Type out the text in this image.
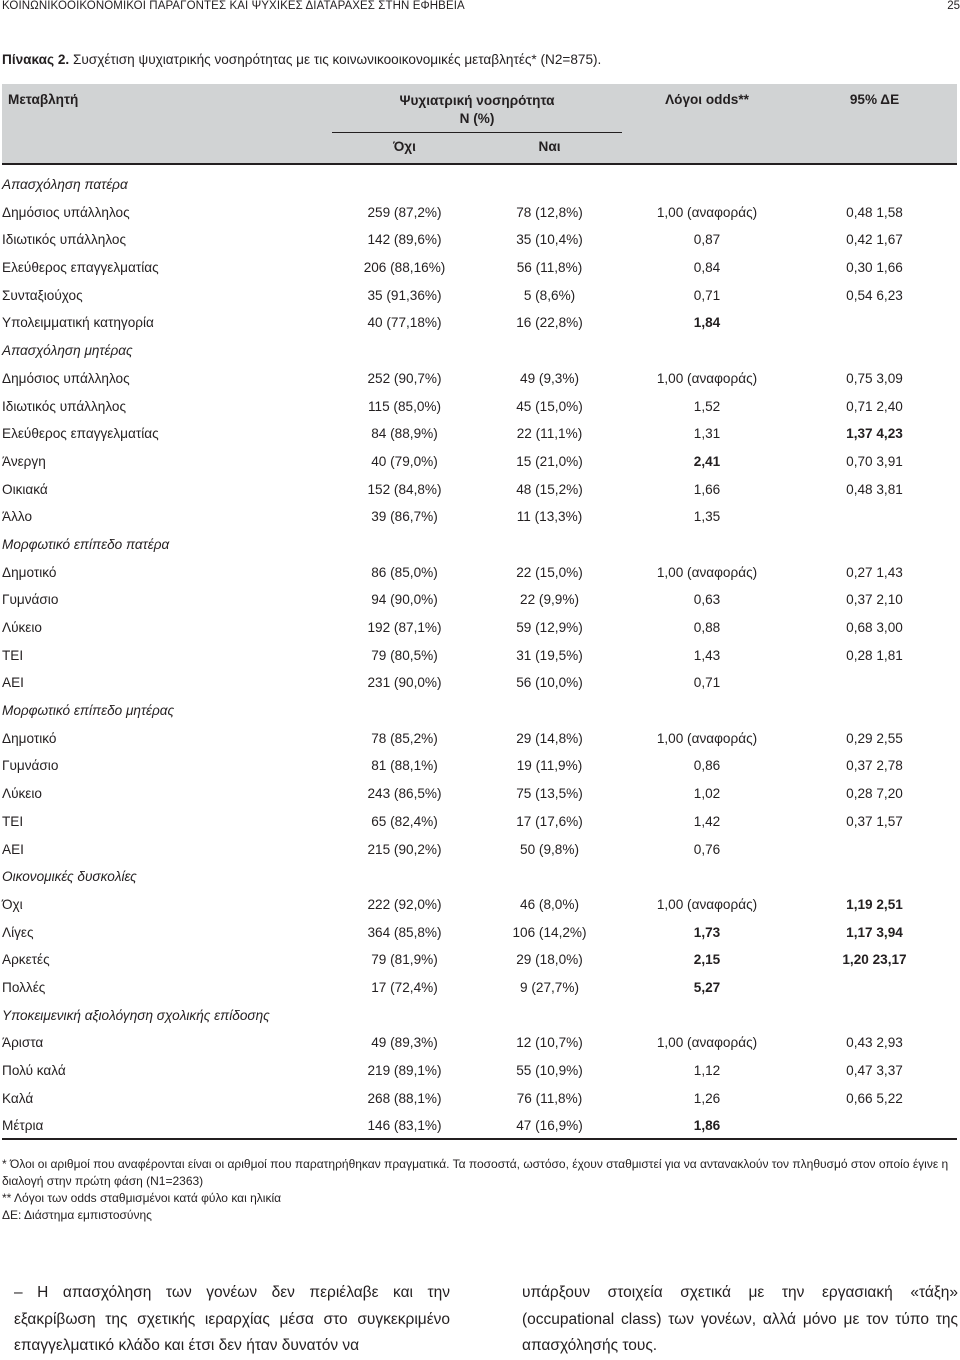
ΚΟΙΝΩΝΙΚΟΟΙΚΟΝΟΜΙΚΟΙ ΠΑΡΑΓΟΝΤΕΣ ΚΑΙ ΨΥΧΙΚΕΣ ΔΙΑΤΑΡΑΧΕΣ ΣΤΗΝ ΕΦΗΒΕΙΑ	25
Πίνακας 2. Συσχέτιση ψυχιατρικής νοσηρότητας με τις κοινωνικοοικονομικές μεταβλητές* (N2=875).
Μεταβλητή	Ψυχιατρική νοσηρότητα
N (%)
Λόγοι odds**	95% ΔΕ
Όχι	Ναι
Απασχόληση πατέρα
Δημόσιος υπάλληλος	259 (87,2%)	78 (12,8%)	1,00 (αναφοράς)	0,48 1,58
Ιδιωτικός υπάλληλος	142 (89,6%)	35 (10,4%)	0,87	0,42 1,67
Ελεύθερος επαγγελματίας	206 (88,16%)	56 (11,8%)	0,84	0,30 1,66
Συνταξιούχος	35 (91,36%)	5 (8,6%)	0,71	0,54 6,23
Υπολειμματική κατηγορία	40 (77,18%)	16 (22,8%)	1,84
Απασχόληση μητέρας
Δημόσιος υπάλληλος	252 (90,7%)	49 (9,3%)	1,00 (αναφοράς)	0,75 3,09
Ιδιωτικός υπάλληλος	115 (85,0%)	45 (15,0%)	1,52	0,71 2,40
Ελεύθερος επαγγελματίας	84 (88,9%)	22 (11,1%)	1,31	1,37 4,23
Άνεργη	40 (79,0%)	15 (21,0%)	2,41	0,70 3,91
Οικιακά	152 (84,8%)	48 (15,2%)	1,66	0,48 3,81
Άλλο	39 (86,7%)	11 (13,3%)	1,35
Μορφωτικό επίπεδο πατέρα
Δημοτικό	86 (85,0%)	22 (15,0%)	1,00 (αναφοράς)	0,27 1,43
Γυμνάσιο	94 (90,0%)	22 (9,9%)	0,63	0,37 2,10
Λύκειο	192 (87,1%)	59 (12,9%)	0,88	0,68 3,00
ΤΕΙ	79 (80,5%)	31 (19,5%)	1,43	0,28 1,81
ΑΕΙ	231 (90,0%)	56 (10,0%)	0,71
Μορφωτικό επίπεδο μητέρας
Δημοτικό	78 (85,2%)	29 (14,8%)	1,00 (αναφοράς)	0,29 2,55
Γυμνάσιο	81 (88,1%)	19 (11,9%)	0,86	0,37 2,78
Λύκειο	243 (86,5%)	75 (13,5%)	1,02	0,28 7,20
ΤΕΙ	65 (82,4%)	17 (17,6%)	1,42	0,37 1,57
ΑΕΙ	215 (90,2%)	50 (9,8%)	0,76
Οικονομικές δυσκολίες
Όχι	222 (92,0%)	46 (8,0%)	1,00 (αναφοράς)	1,19 2,51
Λίγες	364 (85,8%)	106 (14,2%)	1,73	1,17 3,94
Αρκετές	79 (81,9%)	29 (18,0%)	2,15	1,20 23,17
Πολλές	17 (72,4%)	9 (27,7%)	5,27
Υποκειμενική αξιολόγηση σχολικής επίδοσης
Άριστα	49 (89,3%)	12 (10,7%)	1,00 (αναφοράς)	0,43 2,93
Πολύ καλά	219 (89,1%)	55 (10,9%)	1,12	0,47 3,37
Καλά	268 (88,1%)	76 (11,8%)	1,26	0,66 5,22
Μέτρια	146 (83,1%)	47 (16,9%)	1,86
* Όλοι οι αριθμοί που αναφέρονται είναι οι αριθμοί που παρατηρήθηκαν πραγματικά. Τα ποσοστά, ωστόσο, έχουν σταθμιστεί για να αντανακλούν τον πληθυσμό στον οποίο έγινε η διαλογή στην πρώτη φάση (N1=2363)
** Λόγοι των odds σταθμισμένοι κατά φύλο και ηλικία
ΔΕ: Διάστημα εμπιστοσύνης
– Η απασχόληση των γονέων δεν περιέλαβε και την εξακρίβωση της σχετικής ιεραρχίας μέσα στο συγκεκριμένο επαγγελματικό κλάδο και έτσι δεν ήταν δυνατόν να
υπάρξουν στοιχεία σχετικά με την εργασιακή «τάξη» (occupational class) των γονέων, αλλά μόνο με τον τύπο της απασχόλησής τους.
